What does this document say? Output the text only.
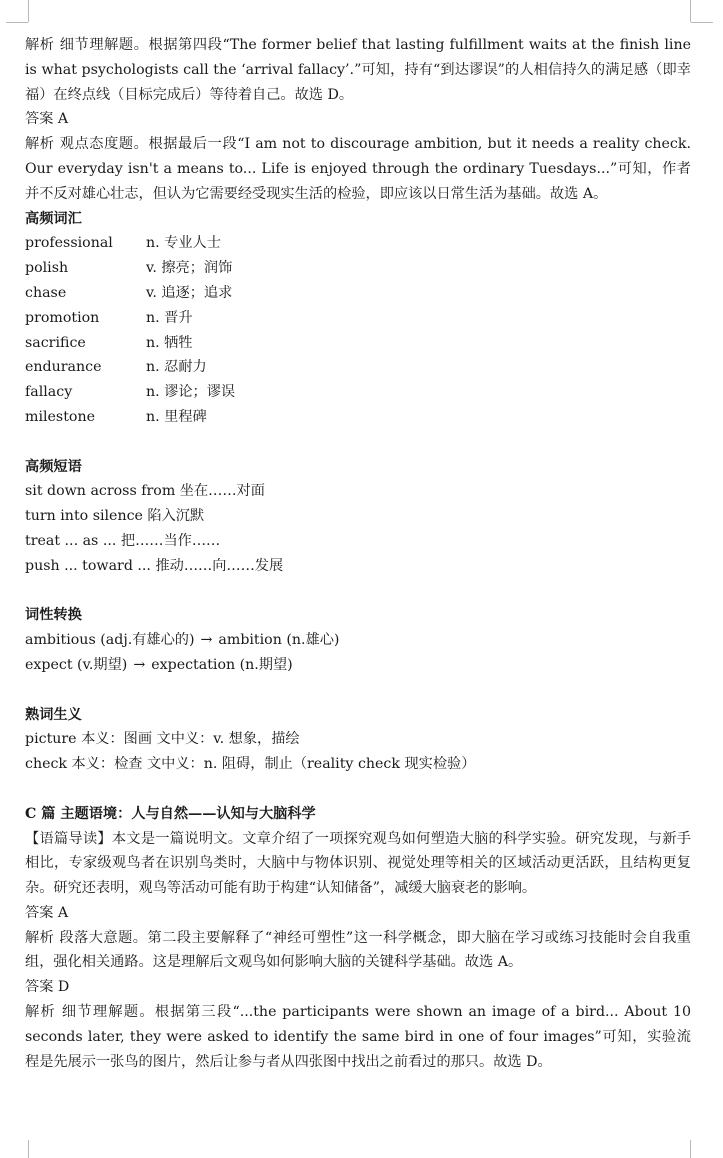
解析 细节理解题。根据第四段“The former belief that lasting fulfillment waits at the finish line is what psychologists call the ‘arrival fallacy’.”可知，持有“到达谬误”的人相信持久的满足感（即幸福）在终点线（目标完成后）等待着自己。故选 D。
答案 A
解析 观点态度题。根据最后一段“I am not to discourage ambition, but it needs a reality check. Our everyday isn't a means to... Life is enjoyed through the ordinary Tuesdays...”可知，作者并不反对雄心壮志，但认为它需要经受现实生活的检验，即应该以日常生活为基础。故选 A。
高频词汇
professional	n. 专业人士
polish	v. 擦亮；润饰
chase	v. 追逐；追求
promotion	n. 晋升
sacrifice	n. 牺牲
endurance	n. 忍耐力
fallacy	n. 谬论；谬误
milestone	n. 里程碑
高频短语
sit down across from 坐在……对面
turn into silence 陷入沉默
treat ... as ... 把……当作……
push ... toward ... 推动……向……发展
词性转换
ambitious (adj.有雄心的) → ambition (n.雄心)
expect (v.期望) → expectation (n.期望)
熟词生义
picture 本义：图画 文中义：v. 想象，描绘
check 本义：检查 文中义：n. 阻碍，制止（reality check 现实检验）
C 篇 主题语境：人与自然——认知与大脑科学
【语篇导读】本文是一篇说明文。文章介绍了一项探究观鸟如何塑造大脑的科学实验。研究发现，与新手相比，专家级观鸟者在识别鸟类时，大脑中与物体识别、视觉处理等相关的区域活动更活跃，且结构更复杂。研究还表明，观鸟等活动可能有助于构建“认知储备”，减缓大脑衰老的影响。
答案 A
解析 段落大意题。第二段主要解释了“神经可塑性”这一科学概念，即大脑在学习或练习技能时会自我重组，强化相关通路。这是理解后文观鸟如何影响大脑的关键科学基础。故选 A。
答案 D
解析 细节理解题。根据第三段“...the participants were shown an image of a bird... About 10 seconds later, they were asked to identify the same bird in one of four images”可知，实验流程是先展示一张鸟的图片，然后让参与者从四张图中找出之前看过的那只。故选 D。
